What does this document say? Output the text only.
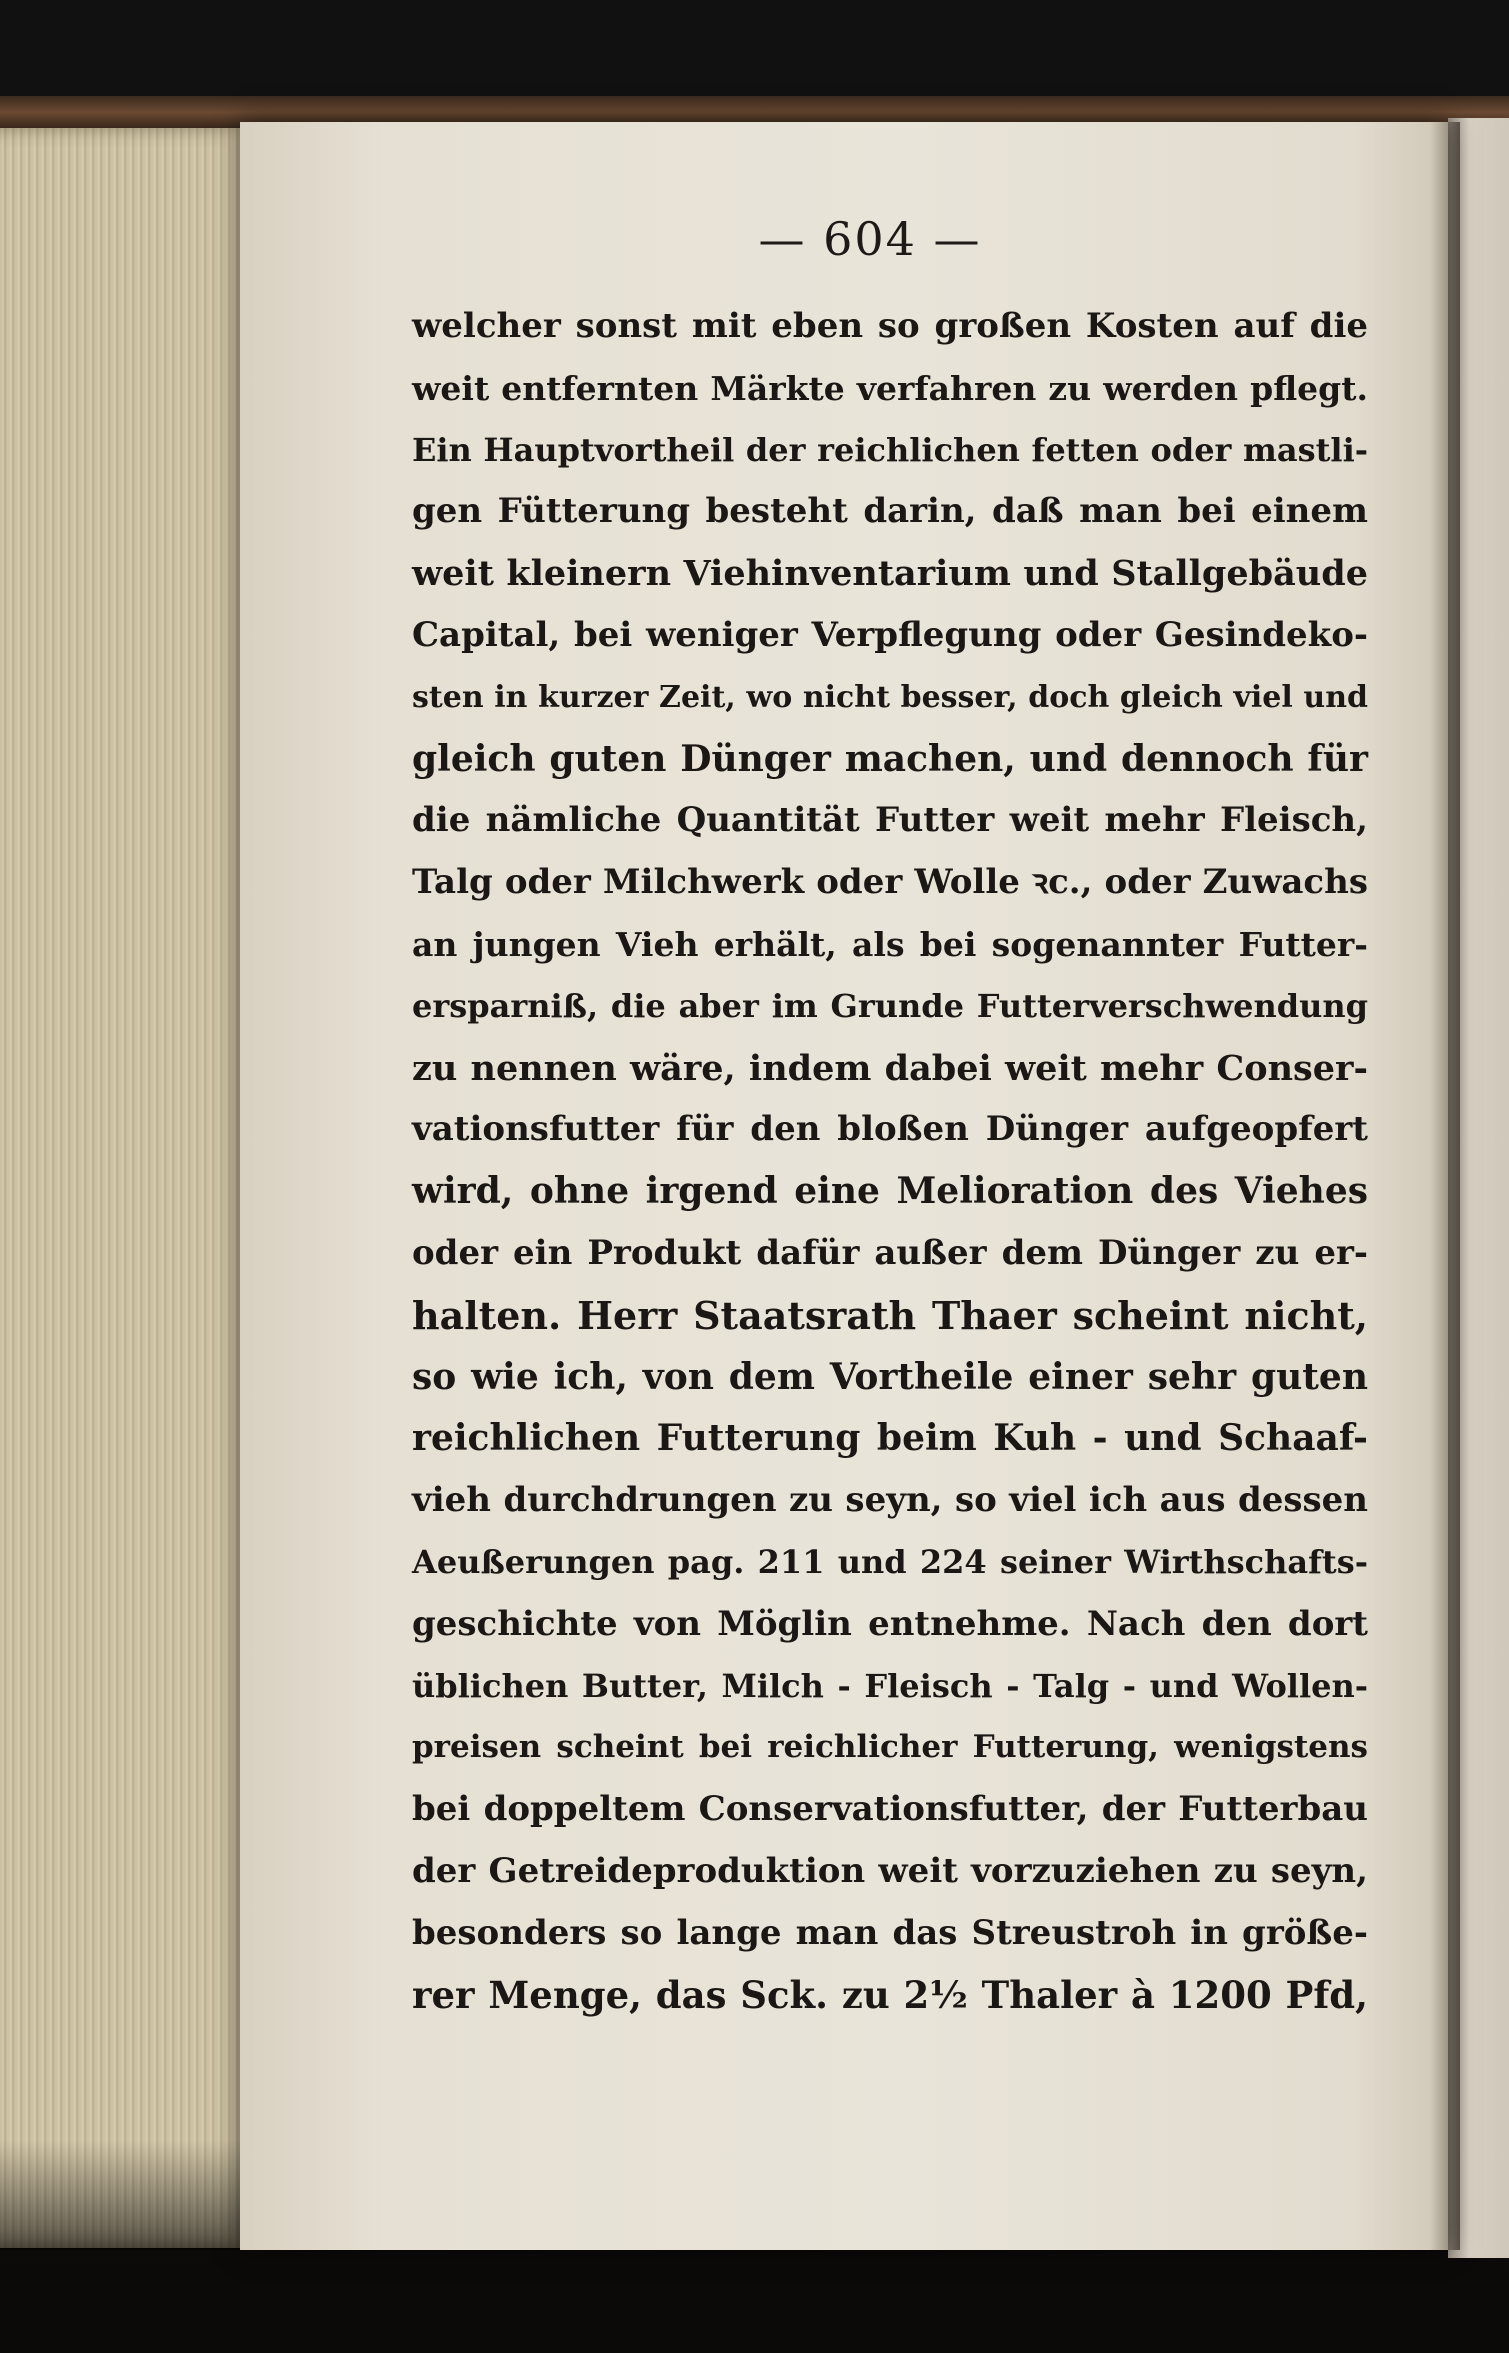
— 604 —
welcher sonst mit eben so großen Kosten auf die
weit entfernten Märkte verfahren zu werden pflegt.
Ein Hauptvortheil der reichlichen fetten oder mastli-
gen Fütterung besteht darin, daß man bei einem
weit kleinern Viehinventarium und Stallgebäude
Capital, bei weniger Verpflegung oder Gesindeko-
sten in kurzer Zeit, wo nicht besser, doch gleich viel und
gleich guten Dünger machen, und dennoch für
die nämliche Quantität Futter weit mehr Fleisch,
Talg oder Milchwerk oder Wolle ꝛc., oder Zuwachs
an jungen Vieh erhält, als bei sogenannter Futter-
ersparniß, die aber im Grunde Futterverschwendung
zu nennen wäre, indem dabei weit mehr Conser-
vationsfutter für den bloßen Dünger aufgeopfert
wird, ohne irgend eine Melioration des Viehes
oder ein Produkt dafür außer dem Dünger zu er-
halten. Herr Staatsrath Thaer scheint nicht,
so wie ich, von dem Vortheile einer sehr guten
reichlichen Futterung beim Kuh - und Schaaf-
vieh durchdrungen zu seyn, so viel ich aus dessen
Aeußerungen pag. 211 und 224 seiner Wirthschafts-
geschichte von Möglin entnehme. Nach den dort
üblichen Butter, Milch - Fleisch - Talg - und Wollen-
preisen scheint bei reichlicher Futterung, wenigstens
bei doppeltem Conservationsfutter, der Futterbau
der Getreideproduktion weit vorzuziehen zu seyn,
besonders so lange man das Streustroh in größe-
rer Menge, das Sck. zu 2½ Thaler à 1200 Pfd,
